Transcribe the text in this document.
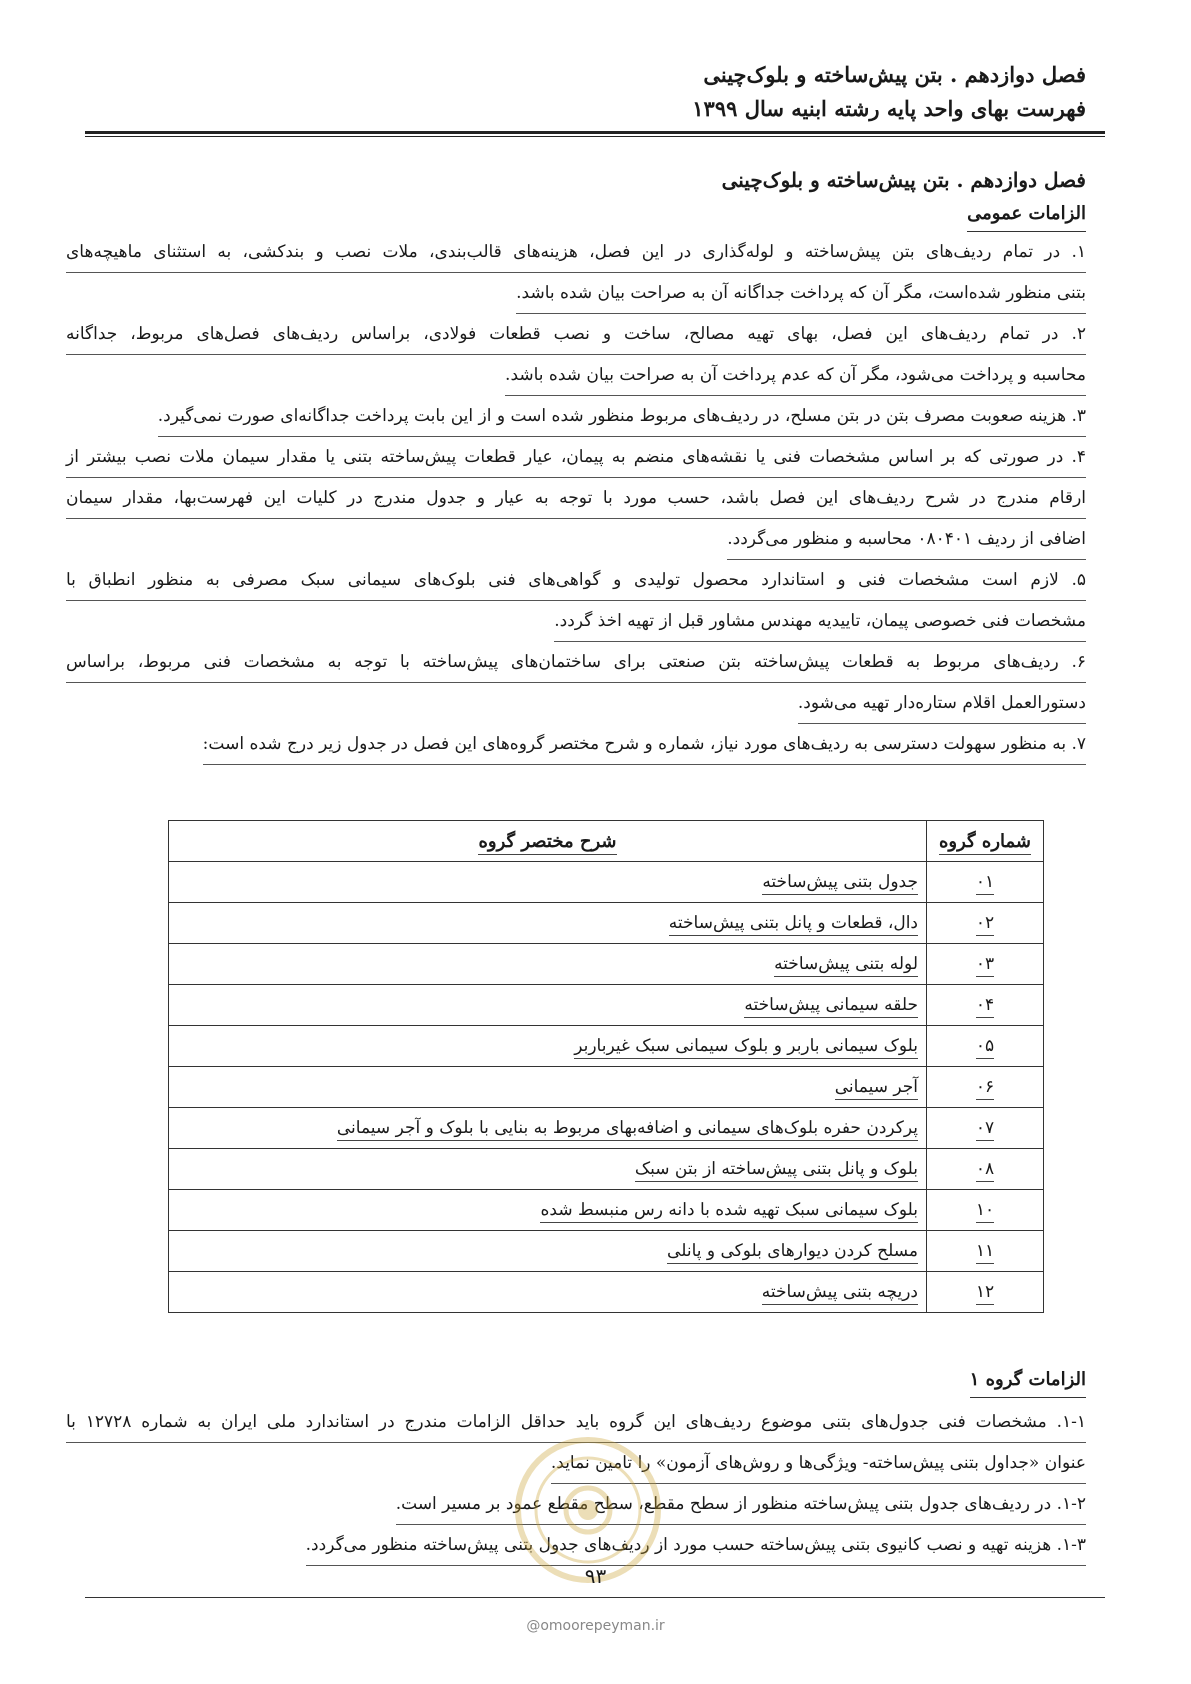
فصل دوازدهم . بتن پیش‌ساخته و بلوک‌چینی
فهرست بهای واحد پایه رشته ابنیه سال ۱۳۹۹
فصل دوازدهم . بتن پیش‌ساخته و بلوک‌چینی
الزامات عمومی
۱. در تمام ردیف‌های بتن پیش‌ساخته و لوله‌گذاری در این فصل، هزینه‌های قالب‌بندی، ملات نصب و بندکشی، به استثنای ماهیچه‌های
بتنی منظور شده‌است، مگر آن که پرداخت جداگانه آن به صراحت بیان شده باشد.
۲. در تمام ردیف‌های این فصل، بهای تهیه مصالح، ساخت و نصب قطعات فولادی، براساس ردیف‌های فصل‌های مربوط، جداگانه
محاسبه و پرداخت می‌شود، مگر آن که عدم پرداخت آن به صراحت بیان شده باشد.
۳. هزینه صعوبت مصرف بتن در بتن مسلح، در ردیف‌های مربوط منظور شده است و از این بابت پرداخت جداگانه‌ای صورت نمی‌گیرد.
۴. در صورتی که بر اساس مشخصات فنی یا نقشه‌های منضم به پیمان، عیار قطعات پیش‌ساخته بتنی یا مقدار سیمان ملات نصب بیشتر از
ارقام مندرج در شرح ردیف‌های این فصل باشد، حسب مورد با توجه به عیار و جدول مندرج در کلیات این فهرست‌بها، مقدار سیمان
اضافی از ردیف ۰۸۰۴۰۱ محاسبه و منظور می‌گردد.
۵. لازم است مشخصات فنی و استاندارد محصول تولیدی و گواهی‌های فنی بلوک‌های سیمانی سبک مصرفی به منظور انطباق با
مشخصات فنی خصوصی پیمان، تاییدیه مهندس مشاور قبل از تهیه اخذ گردد.
۶. ردیف‌های مربوط به قطعات پیش‌ساخته بتن صنعتی برای ساختمان‌های پیش‌ساخته با توجه به مشخصات فنی مربوط، براساس
دستورالعمل اقلام ستاره‌دار تهیه می‌شود.
۷. به منظور سهولت دسترسی به ردیف‌های مورد نیاز، شماره و شرح مختصر گروه‌های این فصل در جدول زیر درج شده است:
شماره گروه	شرح مختصر گروه
۰۱	جدول بتنی پیش‌ساخته
۰۲	دال، قطعات و پانل بتنی پیش‌ساخته
۰۳	لوله بتنی پیش‌ساخته
۰۴	حلقه سیمانی پیش‌ساخته
۰۵	بلوک سیمانی باربر و بلوک سیمانی سبک غیرباربر
۰۶	آجر سیمانی
۰۷	پرکردن حفره بلوک‌های سیمانی و اضافه‌بهای مربوط به بنایی با بلوک و آجر سیمانی
۰۸	بلوک و پانل بتنی پیش‌ساخته از بتن سبک
۱۰	بلوک سیمانی سبک تهیه شده با دانه رس منبسط شده
۱۱	مسلح کردن دیوارهای بلوکی و پانلی
۱۲	دریچه بتنی پیش‌ساخته
الزامات گروه ۱
۱-۱. مشخصات فنی جدول‌های بتنی موضوع ردیف‌های این گروه باید حداقل الزامات مندرج در استاندارد ملی ایران به شماره ۱۲۷۲۸ با
عنوان «جداول بتنی پیش‌ساخته- ویژگی‌ها و روش‌های آزمون» را تامین نماید.
۱-۲. در ردیف‌های جدول بتنی پیش‌ساخته منظور از سطح مقطع، سطح مقطع عمود بر مسیر است.
۱-۳. هزینه تهیه و نصب کانیوی بتنی پیش‌ساخته حسب مورد از ردیف‌های جدول بتنی پیش‌ساخته منظور می‌گردد.
۹۳
@omoorepeyman.ir
